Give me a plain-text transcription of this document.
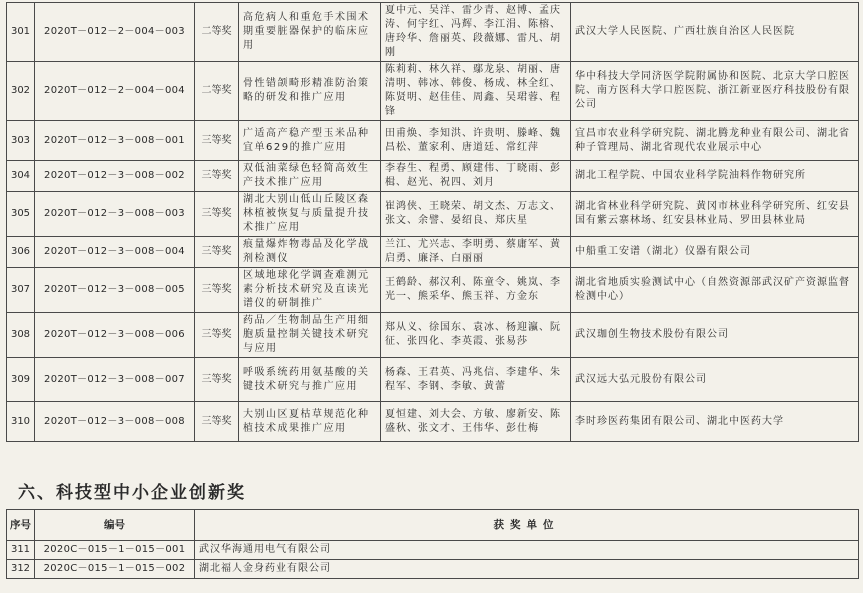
301	2020T－012－2－004－003	二等奖	高危病人和重危手术围术期重要脏器保护的临床应用	夏中元、吴洋、雷少青、赵博、孟庆涛、何宇红、冯辉、李江涓、陈榕、唐玲华、詹丽英、段薇娜、雷凡、胡刚	武汉大学人民医院、广西壮族自治区人民医院
302	2020T－012－2－004－004	二等奖	骨性错颌畸形精准防治策略的研发和推广应用	陈莉莉、林久祥、鄢龙泉、胡丽、唐清明、韩冰、韩俊、杨成、林全红、陈贤明、赵佳佳、周鑫、吴珺蓉、程锋	华中科技大学同济医学院附属协和医院、北京大学口腔医院、南方医科大学口腔医院、浙江新亚医疗科技股份有限公司
303	2020T－012－3－008－001	三等奖	广适高产稳产型玉米品种宜单629的推广应用	田甫焕、李知洪、许贵明、滕峰、魏昌松、董家利、唐道廷、常红萍	宜昌市农业科学研究院、湖北腾龙种业有限公司、湖北省种子管理局、湖北省现代农业展示中心
304	2020T－012－3－008－002	三等奖	双低油菜绿色轻简高效生产技术推广应用	李春生、程勇、顾建伟、丁晓雨、彭楫、赵光、祝四、刘月	湖北工程学院、中国农业科学院油料作物研究所
305	2020T－012－3－008－003	三等奖	湖北大别山低山丘陵区森林植被恢复与质量提升技术推广应用	崔鸿侠、王晓荣、胡文杰、万志文、张文、余譬、晏绍良、郑庆星	湖北省林业科学研究院、黄冈市林业科学研究所、红安县国有紫云寨林场、红安县林业局、罗田县林业局
306	2020T－012－3－008－004	三等奖	痕量爆炸物毒品及化学战剂检测仪	兰江、尤兴志、李明勇、蔡庸军、黄启勇、廉泽、白丽丽	中船重工安谱（湖北）仪器有限公司
307	2020T－012－3－008－005	三等奖	区域地球化学调查难测元素分析技术研究及直读光谱仪的研制推广	王鹤龄、郝汉利、陈童令、姚岚、李光一、熊采华、熊玉祥、方金东	湖北省地质实验测试中心（自然资源部武汉矿产资源监督检测中心）
308	2020T－012－3－008－006	三等奖	药品／生物制品生产用细胞质量控制关键技术研究与应用	郑从义、徐国东、袁冰、杨迎瀛、阮征、张四化、李英霞、张易莎	武汉珈创生物技术股份有限公司
309	2020T－012－3－008－007	三等奖	呼吸系统药用氨基酸的关键技术研究与推广应用	杨森、王君英、冯兆信、李建华、朱程军、李钢、李敏、黄蕾	武汉远大弘元股份有限公司
310	2020T－012－3－008－008	三等奖	大别山区夏枯草规范化种植技术成果推广应用	夏恒建、刘大会、方敏、廖新安、陈盛秋、张文才、王伟华、彭仕梅	李时珍医药集团有限公司、湖北中医药大学
六、科技型中小企业创新奖
序号	编号	获奖单位
311	2020C－015－1－015－001	武汉华海通用电气有限公司
312	2020C－015－1－015－002	湖北福人金身药业有限公司
